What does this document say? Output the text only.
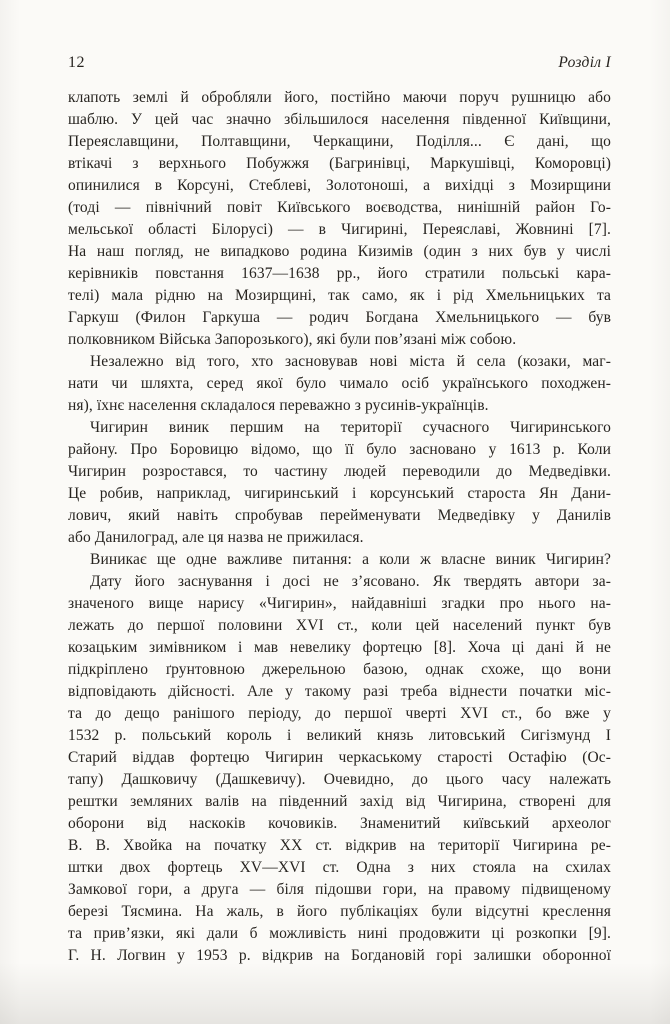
12	Розділ I
клапоть землі й обробляли його, постійно маючи поруч рушницю або
шаблю. У цей час значно збільшилося населення південної Київщини,
Переяславщини, Полтавщини, Черкащини, Поділля... Є дані, що
втікачі з верхнього Побужжя (Багринівці, Маркушівці, Коморовці)
опинилися в Корсуні, Стеблеві, Золотоноші, а вихідці з Мозирщини
(тоді — північний повіт Київського воєводства, нинішній район Го-
мельської області Білорусі) — в Чигирині, Переяславі, Жовнині [7].
На наш погляд, не випадково родина Кизимів (один з них був у числі
керівників повстання 1637—1638 рр., його стратили польські кара-
телі) мала рідню на Мозирщині, так само, як і рід Хмельницьких та
Гаркуш (Филон Гаркуша — родич Богдана Хмельницького — був
полковником Війська Запорозького), які були пов’язані між собою.
Незалежно від того, хто засновував нові міста й села (козаки, маг-
нати чи шляхта, серед якої було чимало осіб українського походжен-
ня), їхнє населення складалося переважно з русинів-українців.
Чигирин виник першим на території сучасного Чигиринського
району. Про Боровицю відомо, що її було засновано у 1613 р. Коли
Чигирин розростався, то частину людей переводили до Медведівки.
Це робив, наприклад, чигиринський і корсунський староста Ян Дани-
лович, який навіть спробував перейменувати Медведівку у Данилів
або Данилоград, але ця назва не прижилася.
Виникає ще одне важливе питання: а коли ж власне виник Чигирин?
Дату його заснування і досі не з’ясовано. Як твердять автори за-
значеного вище нарису «Чигирин», найдавніші згадки про нього на-
лежать до першої половини XVI ст., коли цей населений пункт був
козацьким зимівником і мав невелику фортецю [8]. Хоча ці дані й не
підкріплено ґрунтовною джерельною базою, однак схоже, що вони
відповідають дійсності. Але у такому разі треба віднести початки міс-
та до дещо ранішого періоду, до першої чверті XVI ст., бо вже у
1532 р. польський король і великий князь литовський Сигізмунд I
Старий віддав фортецю Чигирин черкаському старості Остафію (Ос-
тапу) Дашковичу (Дашкевичу). Очевидно, до цього часу належать
рештки земляних валів на південний захід від Чигирина, створені для
оборони від наскоків кочовиків. Знаменитий київський археолог
В. В. Хвойка на початку XX ст. відкрив на території Чигирина ре-
штки двох фортець XV—XVI ст. Одна з них стояла на схилах
Замкової гори, а друга — біля підошви гори, на правому підвищеному
березі Тясмина. На жаль, в його публікаціях були відсутні креслення
та прив’язки, які дали б можливість нині продовжити ці розкопки [9].
Г. Н. Логвин у 1953 р. відкрив на Богдановій горі залишки оборонної
